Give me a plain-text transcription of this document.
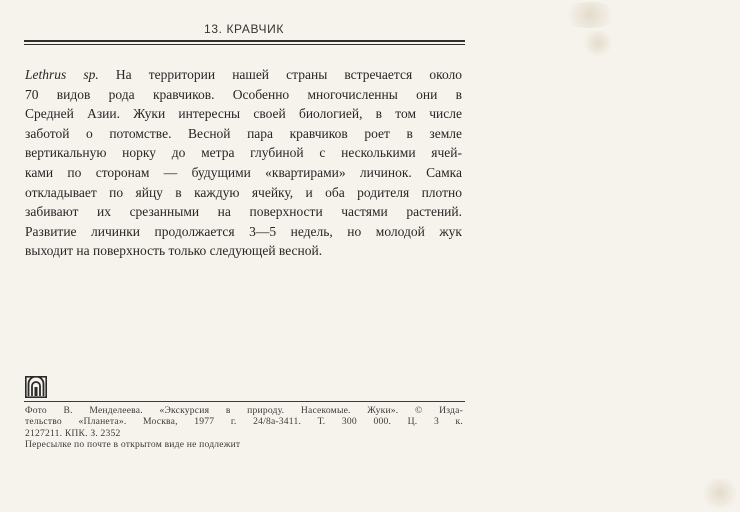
13. КРАВЧИК
Lethrus sp. На территории нашей страны встречается около
70 видов рода кравчиков. Особенно многочисленны они в
Средней Азии. Жуки интересны своей биологией, в том числе
заботой о потомстве. Весной пара кравчиков роет в земле
вертикальную норку до метра глубиной с несколькими ячей-
ками по сторонам — будущими «квартирами» личинок. Самка
откладывает по яйцу в каждую ячейку, и оба родителя плотно
забивают их срезанными на поверхности частями растений.
Развитие личинки продолжается 3—5 недель, но молодой жук
выходит на поверхность только следующей весной.
Фото В. Менделеева. «Экскурсия в природу. Насекомые. Жуки». © Изда-
тельство «Планета». Москва, 1977 г. 24/8а-3411. Т. 300 000. Ц. 3 к.
2127211. КПК. З. 2352
Пересылке по почте в открытом виде не подлежит
